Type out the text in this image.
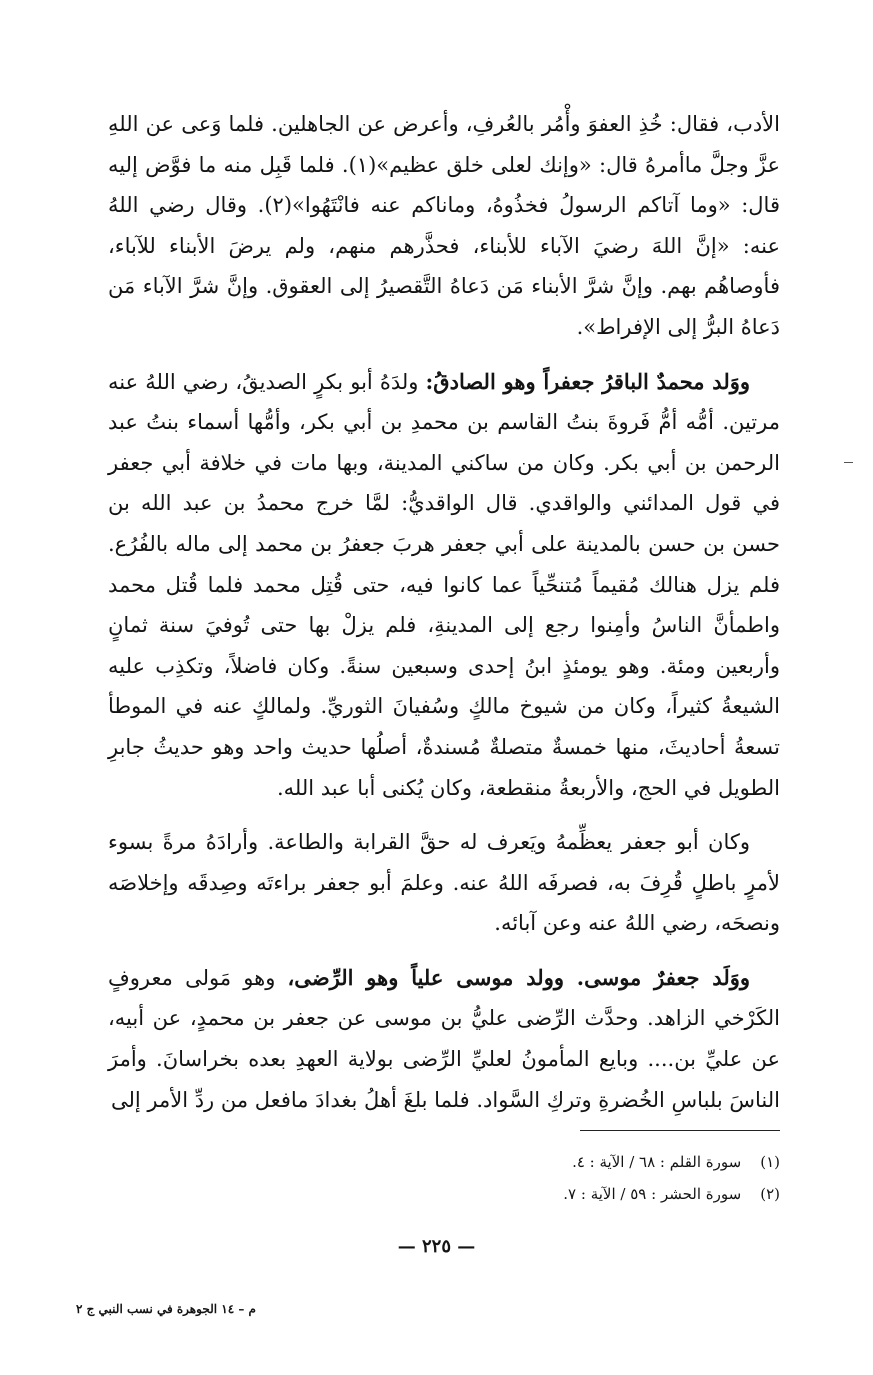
الأدب، فقال: خُذِ العفوَ وأْمُر بالعُرفِ، وأعرض عن الجاهلين. فلما وَعى عن اللهِ عزَّ وجلَّ ماأمرهُ قال: «وإنك لعلى خلق عظيم»(١). فلما قَبِل منه ما فوَّض إليه قال: «وما آتاكم الرسولُ فخذُوهُ، وماناكم عنه فانْتَهُوا»(٢). وقال رضي اللهُ عنه: «إنَّ اللهَ رضيَ الآباء للأبناء، فحذَّرهم منهم، ولم يرضَ الأبناء للآباء، فأوصاهُم بهم. وإنَّ شرَّ الأبناء مَن دَعاهُ التَّقصيرُ إلى العقوق. وإنَّ شرَّ الآباء مَن دَعاهُ البرُّ إلى الإفراط».
ووَلد محمدٌ الباقرُ جعفراً وهو الصادقُ: ولدَهُ أبو بكرٍ الصديقُ، رضي اللهُ عنه مرتين. أمُّه أمُّ فَروةَ بنتُ القاسم بن محمدِ بن أبي بكر، وأمُّها أسماء بنتُ عبد الرحمن بن أبي بكر. وكان من ساكني المدينة، وبها مات في خلافة أبي جعفر في قول المدائني والواقدي. قال الواقديُّ: لمَّا خرج محمدُ بن عبد الله بن حسن بن حسن بالمدينة على أبي جعفر هربَ جعفرُ بن محمد إلى ماله بالفُرُع. فلم يزل هنالك مُقيماً مُتنحِّياً عما كانوا فيه، حتى قُتِل محمد فلما قُتل محمد واطمأنَّ الناسُ وأمِنوا رجع إلى المدينةِ، فلم يزلْ بها حتى تُوفيَ سنة ثمانٍ وأربعين ومئة. وهو يومئذٍ ابنُ إحدى وسبعين سنةً. وكان فاضلاً، وتكذِب عليه الشيعةُ كثيراً، وكان من شيوخ مالكٍ وسُفيانَ الثوريِّ. ولمالكٍ عنه في الموطأ تسعةُ أحاديثَ، منها خمسةٌ متصلةٌ مُسندةٌ، أصلُها حديث واحد وهو حديثُ جابرِ الطويل في الحج، والأربعةُ منقطعة، وكان يُكنى أبا عبد الله.
وكان أبو جعفر يعظِّمهُ ويَعرف له حقَّ القرابة والطاعة. وأرادَهُ مرةً بسوء لأمرٍ باطلٍ قُرِفَ به، فصرفَه اللهُ عنه. وعلمَ أبو جعفر براءتَه وصِدقَه وإخلاصَه ونصحَه، رضي اللهُ عنه وعن آبائه.
ووَلَد جعفرٌ موسى. وولد موسى علياً وهو الرِّضى، وهو مَولى معروفٍ الكَرْخي الزاهد. وحدَّث الرِّضى عليُّ بن موسى عن جعفر بن محمدٍ، عن أبيه، عن عليِّ بن.... وبايع المأمونُ لعليِّ الرِّضى بولاية العهدِ بعده بخراسانَ. وأمرَ الناسَ بلباسِ الخُضرةِ وتركِ السَّواد. فلما بلغَ أهلُ بغدادَ مافعل من ردِّ الأمر إلى
(١) سورة القلم : ٦٨ / الآية : ٤.
(٢) سورة الحشر : ٥٩ / الآية : ٧.
— ٢٢٥ —
م – ١٤ الجوهرة في نسب النبي ج ٢
